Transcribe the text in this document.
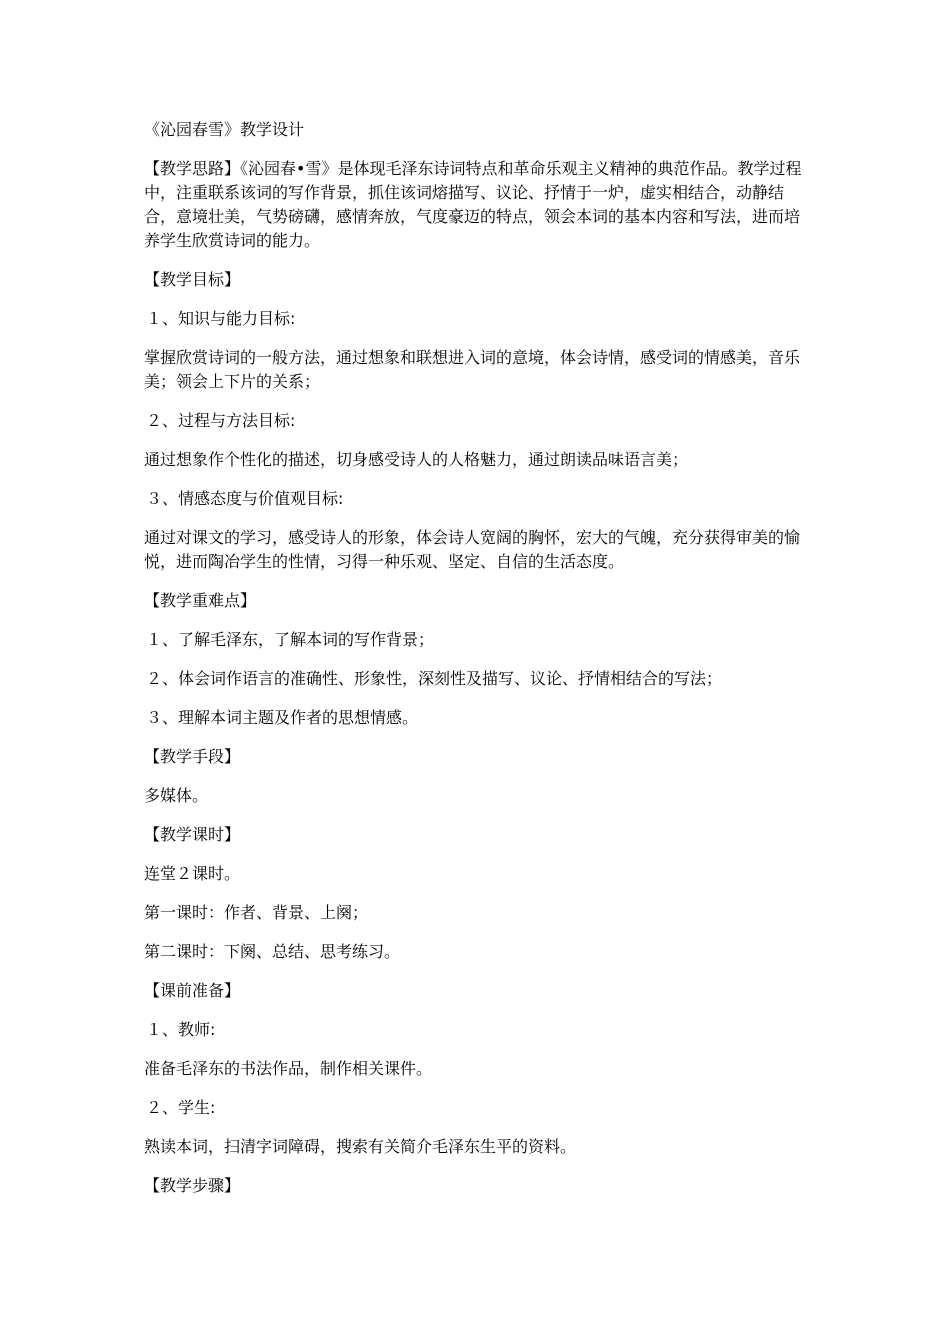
《沁园春雪》教学设计

【教学思路】《沁园春•雪》是体现毛泽东诗词特点和革命乐观主义精神的典范作品。教学过程中，注重联系该词的写作背景，抓住该词熔描写、议论、抒情于一炉，虚实相结合，动静结合，意境壮美，气势磅礴，感情奔放，气度豪迈的特点，领会本词的基本内容和写法，进而培养学生欣赏诗词的能力。

【教学目标】

１、知识与能力目标:

掌握欣赏诗词的一般方法，通过想象和联想进入词的意境，体会诗情，感受词的情感美，音乐美；领会上下片的关系；

２、过程与方法目标:

通过想象作个性化的描述，切身感受诗人的人格魅力，通过朗读品味语言美；

３、情感态度与价值观目标:

通过对课文的学习，感受诗人的形象，体会诗人宽阔的胸怀，宏大的气魄，充分获得审美的愉悦，进而陶冶学生的性情，习得一种乐观、坚定、自信的生活态度。

【教学重难点】

１、了解毛泽东，了解本词的写作背景；

２、体会词作语言的准确性、形象性，深刻性及描写、议论、抒情相结合的写法；

３、理解本词主题及作者的思想情感。

【教学手段】

多媒体。

【教学课时】

连堂２课时。

第一课时：作者、背景、上阕；

第二课时：下阕、总结、思考练习。

【课前准备】

１、教师:

准备毛泽东的书法作品，制作相关课件。

２、学生:

熟读本词，扫清字词障碍，搜索有关简介毛泽东生平的资料。

【教学步骤】
